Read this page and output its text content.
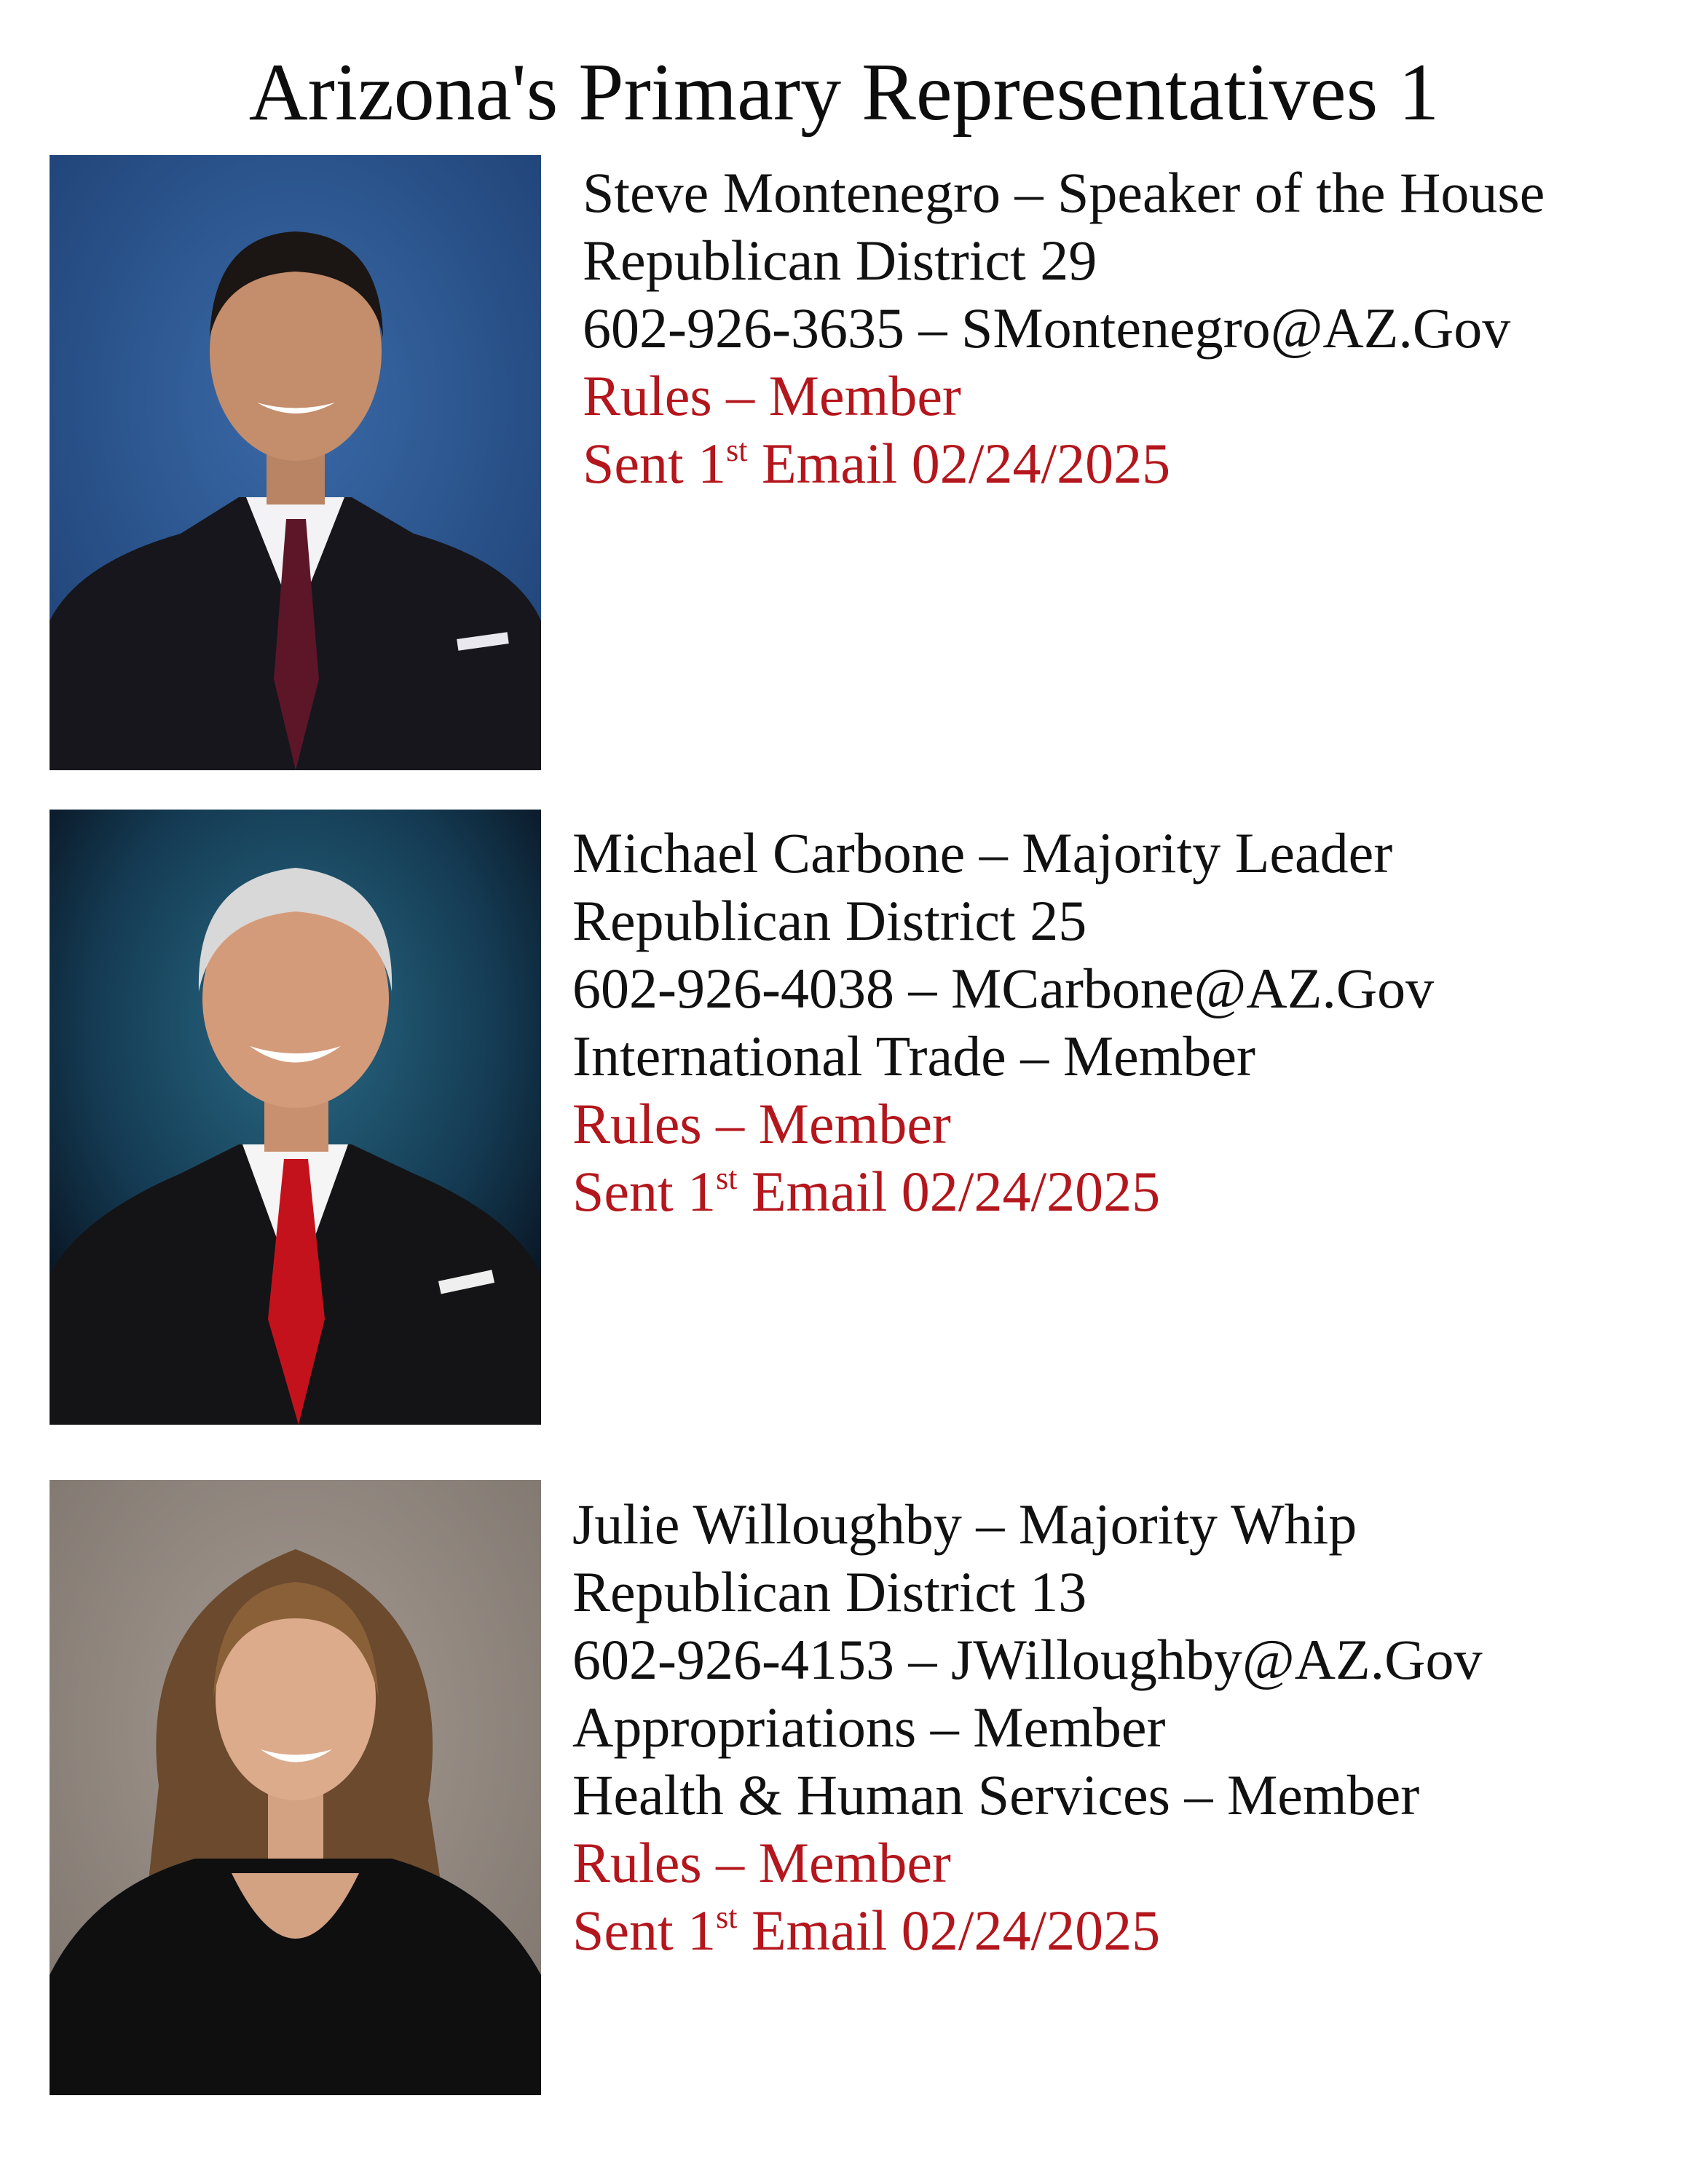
Arizona's Primary Representatives 1
Steve Montenegro – Speaker of the House
Republican District 29
602-926-3635 – SMontenegro@AZ.Gov
Rules – Member
Sent 1st Email 02/24/2025
Michael Carbone – Majority Leader
Republican District 25
602-926-4038 – MCarbone@AZ.Gov
International Trade – Member
Rules – Member
Sent 1st Email 02/24/2025
Julie Willoughby – Majority Whip
Republican District 13
602-926-4153 – JWilloughby@AZ.Gov
Appropriations – Member
Health & Human Services – Member
Rules – Member
Sent 1st Email 02/24/2025
